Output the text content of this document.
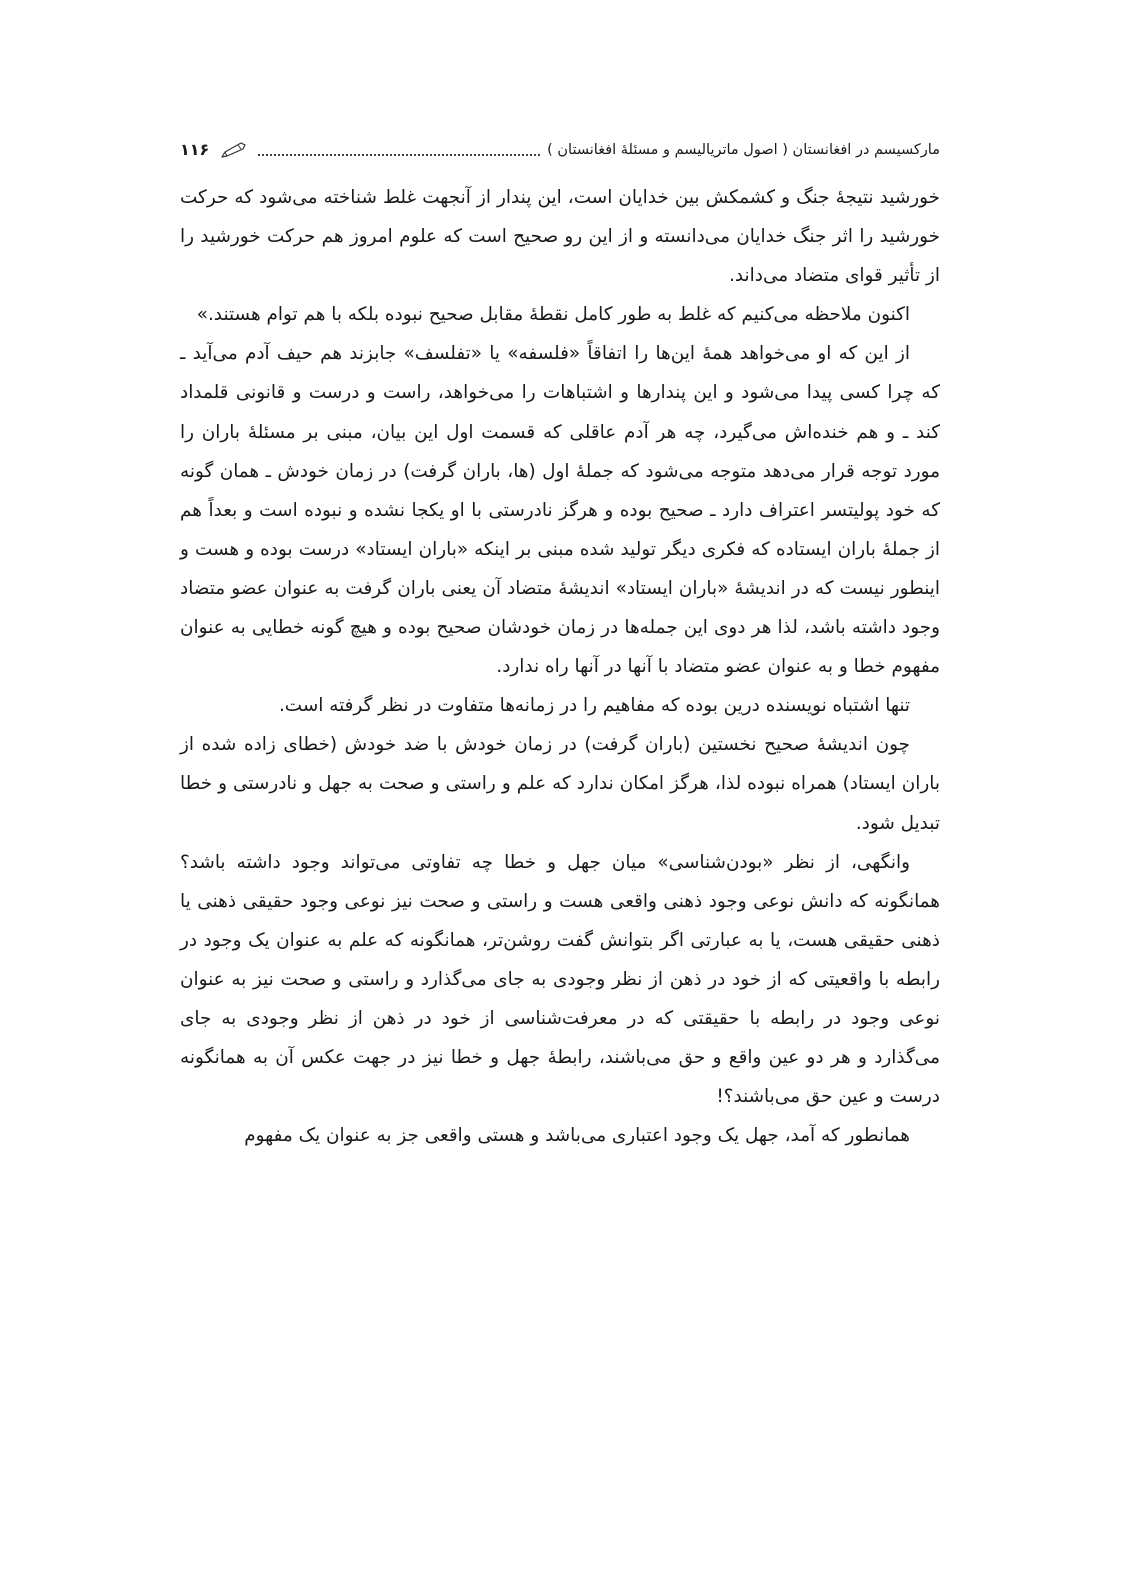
مارکسیسم در افغانستان ( اصول ماتریالیسم و مسئلهٔ افغانستان )
۱۱۶

خورشید نتیجهٔ جنگ و کشمکش بین خدایان است، این پندار از آنجهت غلط شناخته می‌شود که حرکت خورشید را اثر جنگ خدایان می‌دانسته و از این رو صحیح است که علوم امروز هم حرکت خورشید را از تأثیر قوای متضاد می‌داند.

اکنون ملاحظه می‌کنیم که غلط به طور کامل نقطهٔ مقابل صحیح نبوده بلکه با هم توام هستند.»

از این که او می‌خواهد همهٔ این‌ها را اتفاقاً «فلسفه» یا «تفلسف» جابزند هم حیف آدم می‌آید ـ که چرا کسی پیدا می‌شود و این پندارها و اشتباهات را می‌خواهد، راست و درست و قانونی قلمداد کند ـ و هم خنده‌اش می‌گیرد، چه هر آدم عاقلی که قسمت اول این بیان، مبنی بر مسئلهٔ باران را مورد توجه قرار می‌دهد متوجه می‌شود که جملهٔ اول (ها، باران گرفت) در زمان خودش ـ همان گونه که خود پولیتسر اعتراف دارد ـ صحیح بوده و هرگز نادرستی با او یکجا نشده و نبوده است و بعداً هم از جملهٔ باران ایستاده که فکری دیگر تولید شده مبنی بر اینکه «باران ایستاد» درست بوده و هست و اینطور نیست که در اندیشهٔ «باران ایستاد» اندیشهٔ متضاد آن یعنی باران گرفت به عنوان عضو متضاد وجود داشته باشد، لذا هر دوی این جمله‌ها در زمان خودشان صحیح بوده و هیچ گونه خطایی به عنوان مفهوم خطا و به عنوان عضو متضاد با آنها در آنها راه ندارد.

تنها اشتباه نویسنده درین بوده که مفاهیم را در زمانه‌ها متفاوت در نظر گرفته است.

چون اندیشهٔ صحیح نخستین (باران گرفت) در زمان خودش با ضد خودش (خطای زاده شده از باران ایستاد) همراه نبوده لذا، هرگز امکان ندارد که علم و راستی و صحت به جهل و نادرستی و خطا تبدیل شود.

وانگهی، از نظر «بودن‌شناسی» میان جهل و خطا چه تفاوتی می‌تواند وجود داشته باشد؟ همانگونه که دانش نوعی وجود ذهنی واقعی هست و راستی و صحت نیز نوعی وجود حقیقی ذهنی یا ذهنی حقیقی هست، یا به عبارتی اگر بتوانش گفت روشن‌تر، همانگونه که علم به عنوان یک وجود در رابطه با واقعیتی که از خود در ذهن از نظر وجودی به جای می‌گذارد و راستی و صحت نیز به عنوان نوعی وجود در رابطه با حقیقتی که در معرفت‌شناسی از خود در ذهن از نظر وجودی به جای می‌گذارد و هر دو عین واقع و حق می‌باشند، رابطهٔ جهل و خطا نیز در جهت عکس آن به همانگونه درست و عین حق می‌باشند؟!

همانطور که آمد، جهل یک وجود اعتباری می‌باشد و هستی واقعی جز به عنوان یک مفهوم
